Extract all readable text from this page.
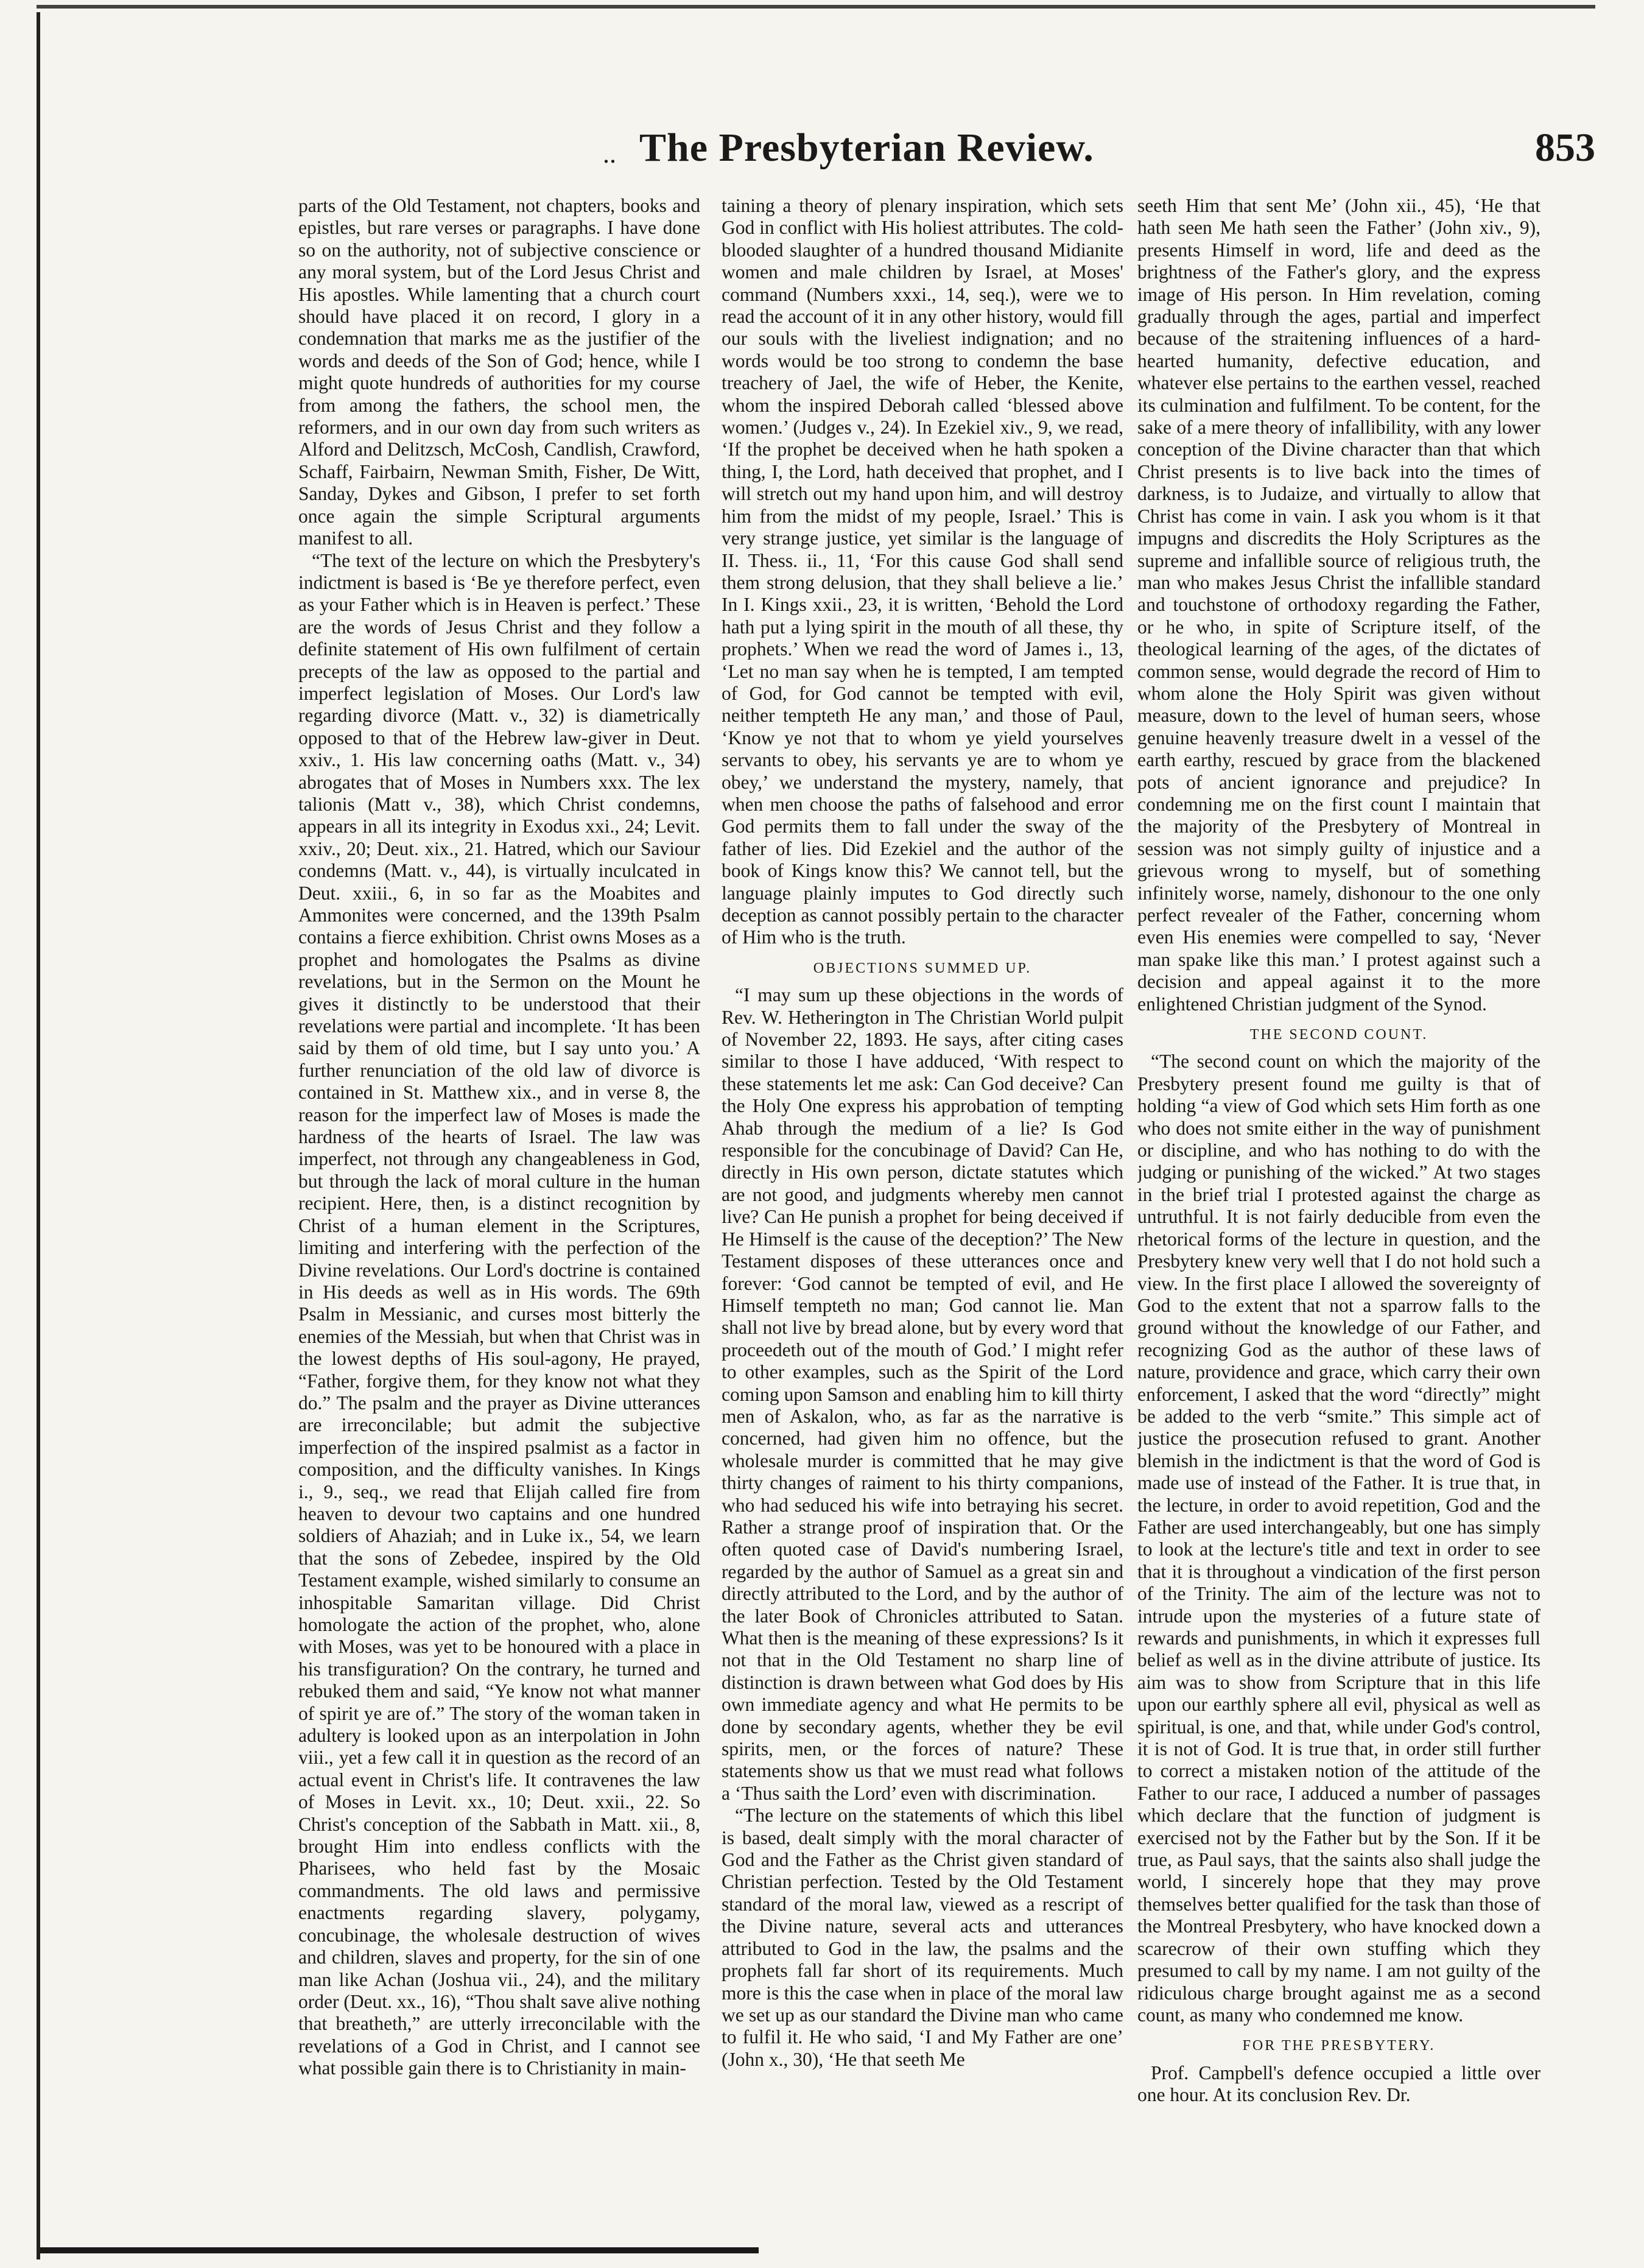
.. The Presbyterian Review.	853

parts of the Old Testament, not chapters, books and epistles, but rare verses or paragraphs. I have done so on the authority, not of subjective conscience or any moral system, but of the Lord Jesus Christ and His apostles. While lamenting that a church court should have placed it on record, I glory in a condemnation that marks me as the justifier of the words and deeds of the Son of God; hence, while I might quote hundreds of authorities for my course from among the fathers, the school men, the reformers, and in our own day from such writers as Alford and Delitzsch, McCosh, Candlish, Crawford, Schaff, Fairbairn, Newman Smith, Fisher, De Witt, Sanday, Dykes and Gibson, I prefer to set forth once again the simple Scriptural arguments manifest to all.

“The text of the lecture on which the Presbytery's indictment is based is ‘Be ye therefore perfect, even as your Father which is in Heaven is perfect.’ These are the words of Jesus Christ and they follow a definite statement of His own fulfilment of certain precepts of the law as opposed to the partial and imperfect legislation of Moses. Our Lord's law regarding divorce (Matt. v., 32) is diametrically opposed to that of the Hebrew law-giver in Deut. xxiv., 1. His law concerning oaths (Matt. v., 34) abrogates that of Moses in Numbers xxx. The lex talionis (Matt v., 38), which Christ condemns, appears in all its integrity in Exodus xxi., 24; Levit. xxiv., 20; Deut. xix., 21. Hatred, which our Saviour condemns (Matt. v., 44), is virtually inculcated in Deut. xxiii., 6, in so far as the Moabites and Ammonites were concerned, and the 139th Psalm contains a fierce exhibition. Christ owns Moses as a prophet and homologates the Psalms as divine revelations, but in the Sermon on the Mount he gives it distinctly to be understood that their revelations were partial and incomplete. ‘It has been said by them of old time, but I say unto you.’ A further renunciation of the old law of divorce is contained in St. Matthew xix., and in verse 8, the reason for the imperfect law of Moses is made the hardness of the hearts of Israel. The law was imperfect, not through any changeableness in God, but through the lack of moral culture in the human recipient. Here, then, is a distinct recognition by Christ of a human element in the Scriptures, limiting and interfering with the perfection of the Divine revelations. Our Lord's doctrine is contained in His deeds as well as in His words. The 69th Psalm in Messianic, and curses most bitterly the enemies of the Messiah, but when that Christ was in the lowest depths of His soul-agony, He prayed, “Father, forgive them, for they know not what they do.” The psalm and the prayer as Divine utterances are irreconcilable; but admit the subjective imperfection of the inspired psalmist as a factor in composition, and the difficulty vanishes. In Kings i., 9., seq., we read that Elijah called fire from heaven to devour two captains and one hundred soldiers of Ahaziah; and in Luke ix., 54, we learn that the sons of Zebedee, inspired by the Old Testament example, wished similarly to consume an inhospitable Samaritan village. Did Christ homologate the action of the prophet, who, alone with Moses, was yet to be honoured with a place in his transfiguration? On the contrary, he turned and rebuked them and said, “Ye know not what manner of spirit ye are of.” The story of the woman taken in adultery is looked upon as an interpolation in John viii., yet a few call it in question as the record of an actual event in Christ's life. It contravenes the law of Moses in Levit. xx., 10; Deut. xxii., 22. So Christ's conception of the Sabbath in Matt. xii., 8, brought Him into endless conflicts with the Pharisees, who held fast by the Mosaic commandments. The old laws and permissive enactments regarding slavery, polygamy, concubinage, the wholesale destruction of wives and children, slaves and property, for the sin of one man like Achan (Joshua vii., 24), and the military order (Deut. xx., 16), “Thou shalt save alive nothing that breatheth,” are utterly irreconcilable with the revelations of a God in Christ, and I cannot see what possible gain there is to Christianity in main-

taining a theory of plenary inspiration, which sets God in conflict with His holiest attributes. The cold-blooded slaughter of a hundred thousand Midianite women and male children by Israel, at Moses' command (Numbers xxxi., 14, seq.), were we to read the account of it in any other history, would fill our souls with the liveliest indignation; and no words would be too strong to condemn the base treachery of Jael, the wife of Heber, the Kenite, whom the inspired Deborah called ‘blessed above women.’ (Judges v., 24). In Ezekiel xiv., 9, we read, ‘If the prophet be deceived when he hath spoken a thing, I, the Lord, hath deceived that prophet, and I will stretch out my hand upon him, and will destroy him from the midst of my people, Israel.’ This is very strange justice, yet similar is the language of II. Thess. ii., 11, ‘For this cause God shall send them strong delusion, that they shall believe a lie.’ In I. Kings xxii., 23, it is written, ‘Behold the Lord hath put a lying spirit in the mouth of all these, thy prophets.’ When we read the word of James i., 13, ‘Let no man say when he is tempted, I am tempted of God, for God cannot be tempted with evil, neither tempteth He any man,’ and those of Paul, ‘Know ye not that to whom ye yield yourselves servants to obey, his servants ye are to whom ye obey,’ we understand the mystery, namely, that when men choose the paths of falsehood and error God permits them to fall under the sway of the father of lies. Did Ezekiel and the author of the book of Kings know this? We cannot tell, but the language plainly imputes to God directly such deception as cannot possibly pertain to the character of Him who is the truth.

OBJECTIONS SUMMED UP.

“I may sum up these objections in the words of Rev. W. Hetherington in The Christian World pulpit of November 22, 1893. He says, after citing cases similar to those I have adduced, ‘With respect to these statements let me ask: Can God deceive? Can the Holy One express his approbation of tempting Ahab through the medium of a lie? Is God responsible for the concubinage of David? Can He, directly in His own person, dictate statutes which are not good, and judgments whereby men cannot live? Can He punish a prophet for being deceived if He Himself is the cause of the deception?’ The New Testament disposes of these utterances once and forever: ‘God cannot be tempted of evil, and He Himself tempteth no man; God cannot lie. Man shall not live by bread alone, but by every word that proceedeth out of the mouth of God.’ I might refer to other examples, such as the Spirit of the Lord coming upon Samson and enabling him to kill thirty men of Askalon, who, as far as the narrative is concerned, had given him no offence, but the wholesale murder is committed that he may give thirty changes of raiment to his thirty companions, who had seduced his wife into betraying his secret. Rather a strange proof of inspiration that. Or the often quoted case of David's numbering Israel, regarded by the author of Samuel as a great sin and directly attributed to the Lord, and by the author of the later Book of Chronicles attributed to Satan. What then is the meaning of these expressions? Is it not that in the Old Testament no sharp line of distinction is drawn between what God does by His own immediate agency and what He permits to be done by secondary agents, whether they be evil spirits, men, or the forces of nature? These statements show us that we must read what follows a ‘Thus saith the Lord’ even with discrimination.

“The lecture on the statements of which this libel is based, dealt simply with the moral character of God and the Father as the Christ given standard of Christian perfection. Tested by the Old Testament standard of the moral law, viewed as a rescript of the Divine nature, several acts and utterances attributed to God in the law, the psalms and the prophets fall far short of its requirements. Much more is this the case when in place of the moral law we set up as our standard the Divine man who came to fulfil it. He who said, ‘I and My Father are one’ (John x., 30), ‘He that seeth Me

seeth Him that sent Me’ (John xii., 45), ‘He that hath seen Me hath seen the Father’ (John xiv., 9), presents Himself in word, life and deed as the brightness of the Father's glory, and the express image of His person. In Him revelation, coming gradually through the ages, partial and imperfect because of the straitening influences of a hard-hearted humanity, defective education, and whatever else pertains to the earthen vessel, reached its culmination and fulfilment. To be content, for the sake of a mere theory of infallibility, with any lower conception of the Divine character than that which Christ presents is to live back into the times of darkness, is to Judaize, and virtually to allow that Christ has come in vain. I ask you whom is it that impugns and discredits the Holy Scriptures as the supreme and infallible source of religious truth, the man who makes Jesus Christ the infallible standard and touchstone of orthodoxy regarding the Father, or he who, in spite of Scripture itself, of the theological learning of the ages, of the dictates of common sense, would degrade the record of Him to whom alone the Holy Spirit was given without measure, down to the level of human seers, whose genuine heavenly treasure dwelt in a vessel of the earth earthy, rescued by grace from the blackened pots of ancient ignorance and prejudice? In condemning me on the first count I maintain that the majority of the Presbytery of Montreal in session was not simply guilty of injustice and a grievous wrong to myself, but of something infinitely worse, namely, dishonour to the one only perfect revealer of the Father, concerning whom even His enemies were compelled to say, ‘Never man spake like this man.’ I protest against such a decision and appeal against it to the more enlightened Christian judgment of the Synod.

THE SECOND COUNT.

“The second count on which the majority of the Presbytery present found me guilty is that of holding “a view of God which sets Him forth as one who does not smite either in the way of punishment or discipline, and who has nothing to do with the judging or punishing of the wicked.” At two stages in the brief trial I protested against the charge as untruthful. It is not fairly deducible from even the rhetorical forms of the lecture in question, and the Presbytery knew very well that I do not hold such a view. In the first place I allowed the sovereignty of God to the extent that not a sparrow falls to the ground without the knowledge of our Father, and recognizing God as the author of these laws of nature, providence and grace, which carry their own enforcement, I asked that the word “directly” might be added to the verb “smite.” This simple act of justice the prosecution refused to grant. Another blemish in the indictment is that the word of God is made use of instead of the Father. It is true that, in the lecture, in order to avoid repetition, God and the Father are used interchangeably, but one has simply to look at the lecture's title and text in order to see that it is throughout a vindication of the first person of the Trinity. The aim of the lecture was not to intrude upon the mysteries of a future state of rewards and punishments, in which it expresses full belief as well as in the divine attribute of justice. Its aim was to show from Scripture that in this life upon our earthly sphere all evil, physical as well as spiritual, is one, and that, while under God's control, it is not of God. It is true that, in order still further to correct a mistaken notion of the attitude of the Father to our race, I adduced a number of passages which declare that the function of judgment is exercised not by the Father but by the Son. If it be true, as Paul says, that the saints also shall judge the world, I sincerely hope that they may prove themselves better qualified for the task than those of the Montreal Presbytery, who have knocked down a scarecrow of their own stuffing which they presumed to call by my name. I am not guilty of the ridiculous charge brought against me as a second count, as many who condemned me know.

FOR THE PRESBYTERY.

Prof. Campbell's defence occupied a little over one hour. At its conclusion Rev. Dr.
